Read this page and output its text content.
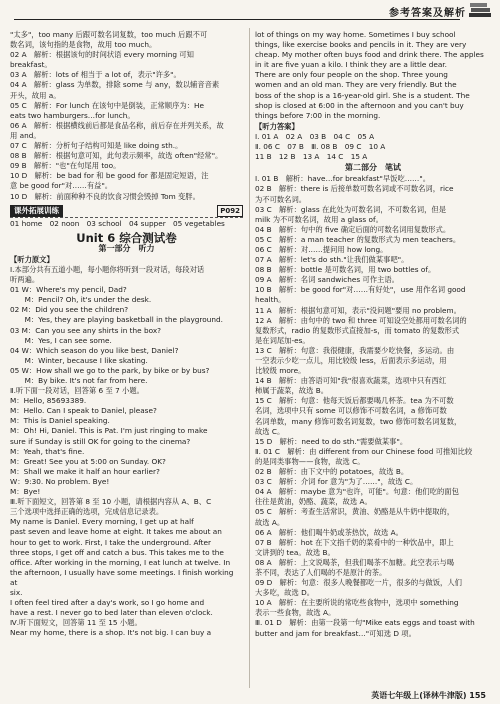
参考答案及解析

"太多"，too many 后跟可数名词复数，too much 后跟不可

数名词，该句指的是食物，故用 too much。

02 A　解析：根据该句的时间状语 every morning 可知

breakfast。

03 A　解析：lots of 相当于 a lot of，表示"许多"。

04 A　解析：glass 为单数，排除 some 与 any，数以辅音音素

开头，故用 a。

05 C　解析：For lunch 在该句中是倒装，正常顺序为：He

eats two hamburgers…for lunch。

06 A　解析：根据横线前后都是食品名称，前后存在并列关系，故

用 and。

07 C　解析：分析句子结构可知是 like doing sth.。

08 B　解析：根据句意可知，此句表示频率，故选 often"经常"。

09 B　解析："也"在句尾用 too。

10 D　解析：be bad for 和 be good for 都是固定短语，注

意 be good for"对……有益"。

10 D　解析：前面种种不良的饮食习惯会毁掉 Tom 变胖。

课外拓展训练	P092

01 home　02 noon　03 school　04 supper　05 vegetables

Unit 6 综合测试卷
第一部分　听力

【听力原文】

Ⅰ.本部分共有五道小题，每小题你将听到一段对话，每段对话

听两遍。

01 W：Where's my pencil, Dad?

　　M：Pencil? Oh, it's under the desk.

02 M：Did you see the children?

　　M：Yes, they are playing basketball in the playground.

03 M：Can you see any shirts in the box?

　　M：Yes, I can see some.

04 W：Which season do you like best, Daniel?

　　M：Winter, because I like skating.

05 W：How shall we go to the park, by bike or by bus?

　　M：By bike. It's not far from here.

Ⅱ.听下面一段对话，回答第 6 至 7 小题。

M：Hello, 85693389.

M：Hello. Can I speak to Daniel, please?

M：This is Daniel speaking.

M：Oh! Hi, Daniel. This is Pat. I'm just ringing to make

sure if Sunday is still OK for going to the cinema?

M：Yeah, that's fine.

M：Great! See you at 5:00 on Sunday. OK?

M：Shall we make it half an hour earlier?

W：9:30. No problem. Bye!

M：Bye!

Ⅲ.听下面短文，回答第 8 至 10 小题，请根据内容从 A、B、C

三个选项中选择正确的选项，完成信息记录表。

My name is Daniel. Every morning, I get up at half

past seven and leave home at eight. It takes me about an

hour to get to work. First, I take the underground. After

three stops, I get off and catch a bus. This takes me to the

office. After working in the morning, I eat lunch at twelve. In

the afternoon, I usually have some meetings. I finish working at

six.

I often feel tired after a day's work, so I go home and

have a rest. I never go to bed later than eleven o'clock.

Ⅳ.听下面短文，回答第 11 至 15 小题。

Near my home, there is a shop. It's not big. I can buy a

lot of things on my way home. Sometimes I buy school

things, like exercise books and pencils in it. They are very

cheap. My mother often buys food and drink there. The apples

in it are five yuan a kilo. I think they are a little dear.

There are only four people on the shop. Three young

women and an old man. They are very friendly. But the

boss of the shop is a 16-year-old girl. She is a student. The

shop is closed at 6:00 in the afternoon and you can't buy

things before 7:00 in the morning.

【听力答案】

Ⅰ. 01 A　02 A　03 B　04 C　05 A

Ⅱ. 06 C　07 B　Ⅲ. 08 B　09 C　10 A

11 B　12 B　13 A　14 C　15 A

第二部分　笔试

Ⅰ. 01 B　解析：have…for breakfast"早饭吃……"。

02 B　解析：there is 后接单数可数名词或不可数名词，rice

为不可数名词。

03 C　解析：glass 在此处为可数名词，不可数名词，但是

milk 为不可数名词，故用 a glass of。

04 B　解析：句中的 five 确定后面的可数名词用复数形式。

05 C　解析：a man teacher 的复数形式为 men teachers。

06 C　解析：对……提问用 how long。

07 A　解析：let's do sth."让我们做某事吧"。

08 B　解析：bottle 是可数名词，用 two bottles of。

09 A　解析：名词 sandwiches 可作主语。

10 B　解析：be good for"对……有好处"，use 用作名词 good

health。

11 A　解析：根据句意可知，表示"没问题"要用 no problem。

12 A　解析：由句中的 two 和 three 可知设空处都用可数名词的

复数形式，radio 的复数形式直接加-s，而 tomato 的复数形式

是在词尾加-es。

13 C　解析：句意：我很健康，我需要少吃快餐，多运动。由

一空表示少吃一点儿，用比较级 less，后面表示多运动，用

比较级 more。

14 B　解析：由答语可知"我"很喜欢蔬菜，选项中只有西红

柿属于蔬菜，故选 B。

15 C　解析：句意：他每天饭后都要喝几杯茶。tea 为不可数

名词，选项中只有 some 可以修饰不可数名词，a 修饰可数

名词单数，many 修饰可数名词复数，two 修饰可数名词复数，

故选 C。

15 D　解析：need to do sth."需要做某事"。

Ⅱ. 01 C　解析：由 different from our Chinese food 可推知比较

的是同类事物——食物，故选 C。

02 B　解析：由下文中的 potatoes，故选 B。

03 C　解析：介词 for 意为"为了……"，故选 C。

04 A　解析：maybe 意为"也许，可能"。句意：他们吃的面包

往往是黄油，奶酪、蔬菜，故选 A。

05 C　解析：考查生活常识，黄油、奶酪是从牛奶中提取的，

故选 A。

06 A　解析：他们喝牛奶或茶热饮，故选 A。

07 B　解析：hot 在下文指千奶的菜肴中的一种饮品中，即上

文讲到的 tea。故选 B。

08 A　解析：上文说喝茶，但我们喝茶不加糖。此空表示与喝

茶不同，表达了人们喝的不是原汁的茶。

09 D　解析：句意：很多人晚餐都吃一片，很多的与做饭，人们

大多吃，故选 D。

10 A　解析：在主要所说的常吃些食物中，选项中 something

表示一些食物，故选 A。

Ⅲ. 01 D　解析：由第一段第一句"Mike eats eggs and toast with

butter and jam for breakfast…"可知选 D 项。

英语七年级上(译林牛津版) 155
